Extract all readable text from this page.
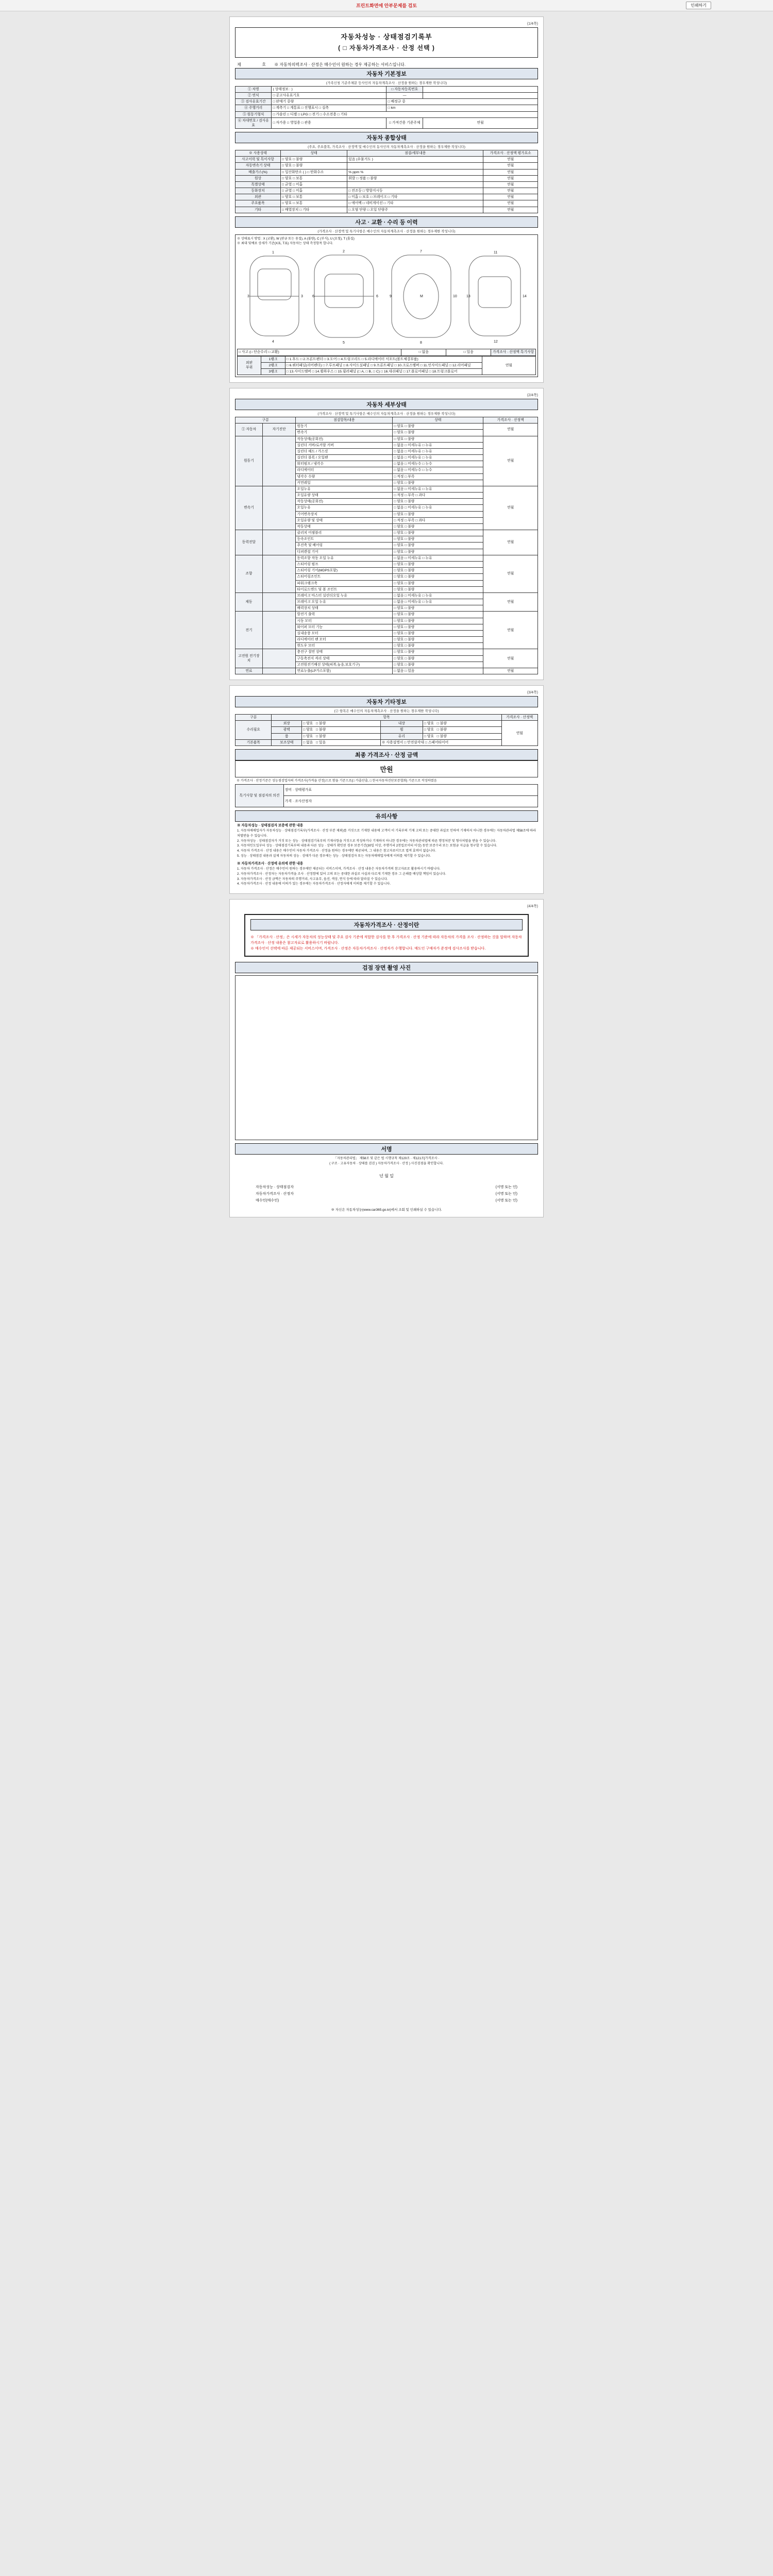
프린트화면에 안부문제를 검토	인쇄하기
(1/4쪽)
자동차성능 · 상태점검기록부
( □ 자동차가격조사 · 산정 선택 )
제	호 ※ 자동차의력조사 · 산정은 매수인이 원하는 경우 제공하는 서비스입니다.
자동차 기본정보
(가족신청 기준주체문 등사인의 자동차계측조사 · 산정을 원하는 경우제한 작성니다)
① 차명	( 상태정보 : )	□ 자동차등록번호	
② 연식	□ 공고사유표기호	—	
③ 검사유효기간	□ 판매기 중량	□ 배정규 중	
④ 주행거리	□ 계측기 □ 계통표 □ 진행표시 □ 실측	□ km	
⑤ 원동기형식	□ 가솔린 □ 디젤 □ LPG □ 전기 □ 수소전용 □ 기타		
⑥ 차대번호 / 검사유효	□ 자가용 □ 영업용 □ 관용	□ 가져간용 기준주체	연월
자동차 종합상태
(주요, 주요품목, 가족조사 · 산정액 및 매수인의 동사인의 자동차계측조사 · 산정을 원하는 경우제한 작성니다)
※ 사용상태	상태	점검/세부내용	가격조사 · 산정액 평가요소
사고이력 및 특이사항	□ 양호 □ 불량	있음 (우물거도 )	연월
자동변속기 상태	□ 양호 □ 불량		연월
배출가스(%)	□ 일산화탄소 ( ) □ 탄화수소	% ppm %	연월
원상	□ 양호 □ 보통	휘발 □ 정품 □ 불량	연월
특별상태	□ 균열 □ 미흡		연월
등화장치	□ 균열 □ 미흡	□ 전조등 □ 방향지시등	연월
외관	□ 양호 □ 보통	□ 미흡 □ 보호 □ 브레이크 □ 기타	연월
주요품목	□ 양호 □ 보통	□ 에어백 □ 네비게이션 □ 기타	연월
기타	□ 배열장치 □ 기타	□ 오염 단량 □ 오일 단량주	연월
사고 · 교환 · 수리 등 이력
(가격조사 · 산정액 및 특기사항은 매수인의 자동차계측조사 · 산정을 원하는 경우제한 작성니다)
※ 상태표시 방법 : X (교환), W (판금 또는 용접), A (불량), C (부식), U (요철), T (흠집)
※ 최대 및예료 상세가 기준(X표, T표) 자동차는 상태 측정항목 합니다.
1
4
3	3
2
5
6	6
7
8
9	10
11
12
13	14
M
□ 사고 (□ 단순수리 □ 교환)	□ 없음	□ 있음	가격조사 · 산정액 특기사항
외판
부위	1랭크	□ 1.후드 □ 2.프론트펜더 □ 3.도어 □ 4.트렁크리드 □ 5.라디에이터 서포트(볼트체결부품)	연월
	2랭크	□ 6.쿼터패널(리어펜더) □ 7.루프패널 □ 8.사이드실패널 □ 9.프론트패널 □ 10.크로스멤버 □ 11.인사이드패널 □ 12.리어패널	
	3랭크	□ 13.사이드멤버 □ 14.휠하우스 □ 15.필러패널 (□ A, □ B, □ C) □ 16.대쉬패널 □ 17.플로어패널 □ 18.트렁크플로어	
(2/4쪽)
자동차 세부상태
(가격조사 · 산정액 및 특기사항은 매수인의 자동차계측조사 · 산정을 원하는 경우제한 작성니다)
구분		점검항목/내용	상태	가격조사 · 산정액
① 자동차	자기진단	원동기	□ 양호 □ 불량	연월
		변속기	□ 양호 □ 불량	
원동기		작동상태(공회전)	□ 양호 □ 불량	연월
		실린더 커버/로커암 커버	□ 없음 □ 미세누유 □ 누유	
		실린더 헤드 / 가스킷	□ 없음 □ 미세누유 □ 누유	
		실린더 블록 / 오일팬	□ 없음 □ 미세누유 □ 누유	
		워터펌프 / 냉각수	□ 없음 □ 미세누수 □ 누수	
		라디에이터	□ 없음 □ 미세누수 □ 누수	
		냉각수 수량	□ 적정 □ 부족	
		커먼레일	□ 양호 □ 불량	
변속기		오일누유	□ 없음 □ 미세누유 □ 누유	연월
		오일유량 상태	□ 적정 □ 부족 □ 과다	
		작동상태(공회전)	□ 양호 □ 불량	
		오일누유	□ 없음 □ 미세누유 □ 누유	
		기어변속장치	□ 양호 □ 불량	
		오일유량 및 상태	□ 적정 □ 부족 □ 과다	
		작동상태	□ 양호 □ 불량	
동력전달		클러치 어셈블리	□ 양호 □ 불량	연월
		등속조인트	□ 양호 □ 불량	
		추진축 및 베어링	□ 양호 □ 불량	
		디퍼렌셜 기어	□ 양호 □ 불량	
조향		동력조향 작동 오일 누유	□ 없음 □ 미세누유 □ 누유	연월
		스티어링 펌프	□ 양호 □ 불량	
		스티어링 기어(MDPS포함)	□ 양호 □ 불량	
		스티어링조인트	□ 양호 □ 불량	
		파워크랭크축	□ 양호 □ 불량	
		타이로드엔드 및 볼 조인트	□ 양호 □ 불량	
제동		브레이크 마스터 실린더오일 누유	□ 없음 □ 미세누유 □ 누유	연월
		브레이크 오일 누유	□ 없음 □ 미세누유 □ 누유	
		배력장치 상태	□ 양호 □ 불량	
전기		발전기 출력	□ 양호 □ 불량	연월
		시동 모터	□ 양호 □ 불량	
		와이퍼 모터 기능	□ 양호 □ 불량	
		실내송풍 모터	□ 양호 □ 불량	
		라디에이터 팬 모터	□ 양호 □ 불량	
		윈도우 모터	□ 양호 □ 불량	
고전원 전기장치		충전구 절연 상태	□ 양호 □ 불량	연월
		구동축전지 격리 상태	□ 양호 □ 불량	
		고전원전기배선 상태(피복,높음,보호기구)	□ 양호 □ 불량	
연료		연료누출(LP가스포함)	□ 없음 □ 있음	연월
(3/4쪽)
자동차 기타정보
(② 항목은 매수인의 자동차계측조사 · 산정을 원하는 경우제한 작성니다)
구분	항목				가격조사 · 산정액
수리필요	외장	□ 양호 □ 불량	내장	□ 양호 □ 불량	연월
	광택	□ 양호 □ 불량	휠	□ 양호 □ 불량	
	룸	□ 양호 □ 불량	유리	□ 양호 □ 불량	
기본품목	보조상태	□ 없음 □ 있음	※ 사용설명서 □ 안전삼각대 □ 스페어타이어		
최종 가격조사 · 산정 금액
만원
※ 가격조사 · 산정기준은 성능점검업자의 가격조사(가격을 산정)으로 함을 기준으로(□ 가출산출, □ 한국자동차진단보증협회) 기준으로 작성하였음
특기사항 및 점검자의 의견	장비 · 상태평가표
가격 · 조사산정자
유의사항
※ 자동차성능 · 상태점검자 보증에 관한 내용
1. 자동차매매업자가 자동차성능 · 상태점검기록부(가격조사 · 산정 부분 제외)를 거짓으로 기재한 내용에 고객이 이 기록부의 기재 고의 또는 중대한 과실로 인하여 기재하지 아니한 경우에는 자동차관리법 제58조에 따라 처벌받을 수 있습니다.
2. 자동차성능 · 상태점검자가 거짓 또는 성능 · 상태점검기록부의 기재사항을 거짓으로 작성하거나 기재하지 아니한 경우에는 자동차관리법에 따른 행정처분 및 형사처벌을 받을 수 있습니다.
3. 자동차인도일부터 성능 · 상태점검기록부의 내용과 다른 성능 · 상태가 확인된 경우 보증기간(30일 이상, 주행거리 2천킬로미터 이상) 동안 보증수리 또는 보험금 지급을 청구할 수 있습니다.
4. 자동차 가격조사 · 산정 내용은 매수인이 자동차 가격조사 · 산정을 원하는 경우에만 제공되며, 그 내용은 참고자료이므로 법적 효력이 없습니다.
5. 성능 · 상태점검 내용과 실제 자동차의 성능 · 상태가 다른 경우에는 성능 · 상태점검자 또는 자동차매매업자에게 이의를 제기할 수 있습니다.
※ 자동차가격조사 · 산정에 유의에 관한 내용
1. 자동차 가격조사 · 산정은 매수인이 원하는 경우에만 제공되는 서비스이며, 가격조사 · 산정 내용은 자동차가격의 참고자료로 활용하시기 바랍니다.
2. 자동차가격조사 · 산정자는 자동차가격을 조사 · 산정함에 있어 고의 또는 중대한 과실로 사실과 다르게 기재한 경우 그 손해를 배상할 책임이 있습니다.
3. 자동차가격조사 · 산정 금액은 자동차의 주행거리, 사고유무, 옵션, 색상, 연식 등에 따라 달라질 수 있습니다.
4. 자동차가격조사 · 산정 내용에 이의가 있는 경우에는 자동차가격조사 · 산정자에게 이의를 제기할 수 있습니다.
(4/4쪽)
자동차가격조사 · 산정이란
※ 「가격조사 · 산정」은 시세가 자동차의 성능상태 및 주요 검사 기준에 적합한 검사를 한 후 가격조사 · 산정 기준에 따라 자동차의 가격을 조사 · 산정하는 것을 말하며 자동차가격조사 · 산정 내용은 참고자료로 활용하시기 바랍니다.
※ 매수인이 선택에 따른 제공되는 서비스이며, 가격조사 · 산정은 자동차가격조사 · 산정자가 수행합니다. 매도인 구매자가 준정에 검사조사를 받습니다.
검점 장면 촬영 사진
서명
「자동차관리법」 제58조 및 같은 법 시행규칙 제120조 · 제121조[가격조사 ·
( 구조 · 고유자동차 · 상태를 검검 ) 자동차가격조사 · 산정 ) 사진검점을 확인합니다.
년 월 일
자동차성능 · 상태점검자	(서명 또는 인)
자동차가격조사 · 산정자	(서명 또는 인)
매수인(매수인)	(서명 또는 인)
※ 자신은 자동차성능(www.car365.go.kr)에서 조회 및 인쇄하실 수 있습니다.
